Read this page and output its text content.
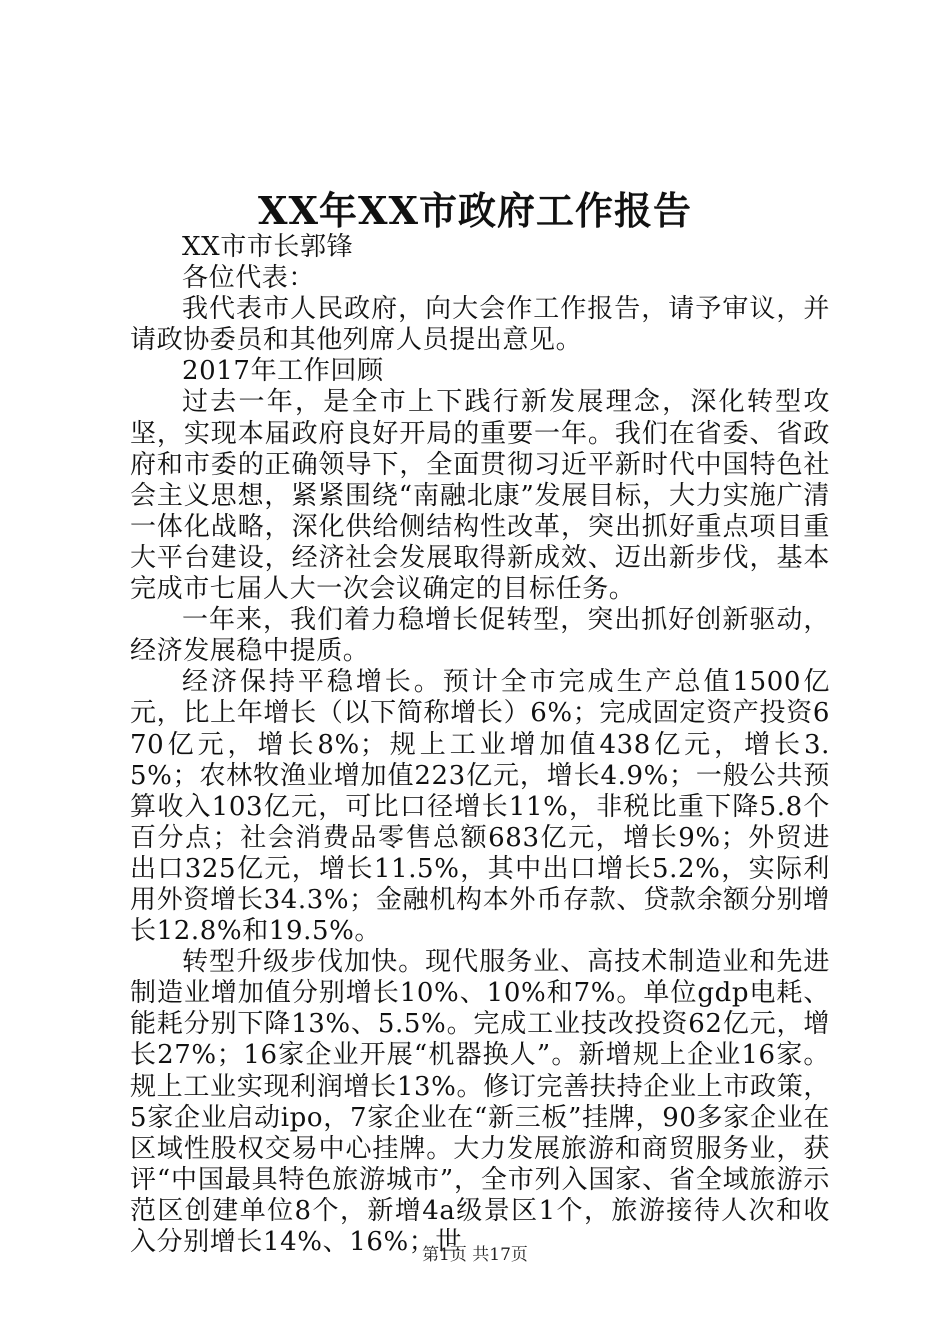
XX年XX市政府工作报告

XX市市长郭锋

各位代表：

我代表市人民政府，向大会作工作报告，请予审议，并请政协委员和其他列席人员提出意见。

2017年工作回顾

过去一年，是全市上下践行新发展理念，深化转型攻坚，实现本届政府良好开局的重要一年。我们在省委、省政府和市委的正确领导下，全面贯彻习近平新时代中国特色社会主义思想，紧紧围绕“南融北康”发展目标，大力实施广清一体化战略，深化供给侧结构性改革，突出抓好重点项目重大平台建设，经济社会发展取得新成效、迈出新步伐，基本完成市七届人大一次会议确定的目标任务。

一年来，我们着力稳增长促转型，突出抓好创新驱动，经济发展稳中提质。

经济保持平稳增长。预计全市完成生产总值1500亿元，比上年增长（以下简称增长）6%；完成固定资产投资670亿元，增长8%；规上工业增加值438亿元，增长3.5%；农林牧渔业增加值223亿元，增长4.9%；一般公共预算收入103亿元，可比口径增长11%，非税比重下降5.8个百分点；社会消费品零售总额683亿元，增长9%；外贸进出口325亿元，增长11.5%，其中出口增长5.2%，实际利用外资增长34.3%；金融机构本外币存款、贷款余额分别增长12.8%和19.5%。

转型升级步伐加快。现代服务业、高技术制造业和先进制造业增加值分别增长10%、10%和7%。单位gdp电耗、能耗分别下降13%、5.5%。完成工业技改投资62亿元，增长27%；16家企业开展“机器换人”。新增规上企业16家。规上工业实现利润增长13%。修订完善扶持企业上市政策，5家企业启动ipo，7家企业在“新三板”挂牌，90多家企业在区域性股权交易中心挂牌。大力发展旅游和商贸服务业，获评“中国最具特色旅游城市”，全市列入国家、省全域旅游示范区创建单位8个，新增4a级景区1个，旅游接待人次和收入分别增长14%、16%；世

第1页 共17页
